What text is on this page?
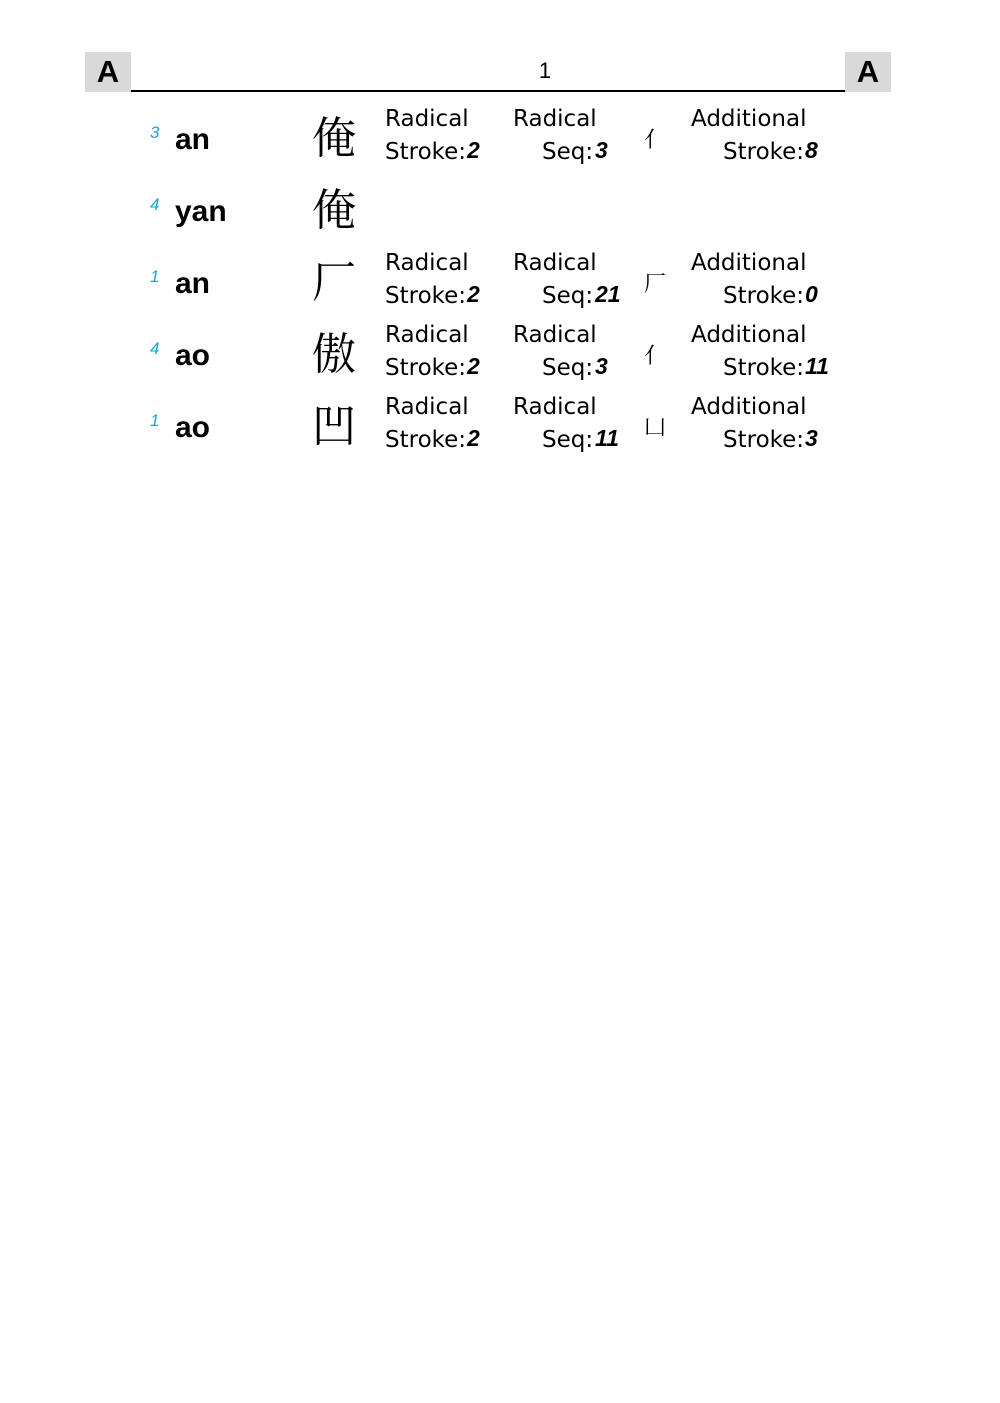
A	1	A
3 an 俺 Radical
Stroke: 2
Radical
Seq: 3 亻
Additional
Stroke: 8
4 yan 俺
1 an 厂 Radical
Stroke: 2
Radical
Seq: 21 厂
Additional
Stroke: 0
4 ao 傲 Radical
Stroke: 2
Radical
Seq: 3 亻
Additional
Stroke: 11
1 ao 凹 Radical
Stroke: 2
Radical
Seq: 11 凵
Additional
Stroke: 3
